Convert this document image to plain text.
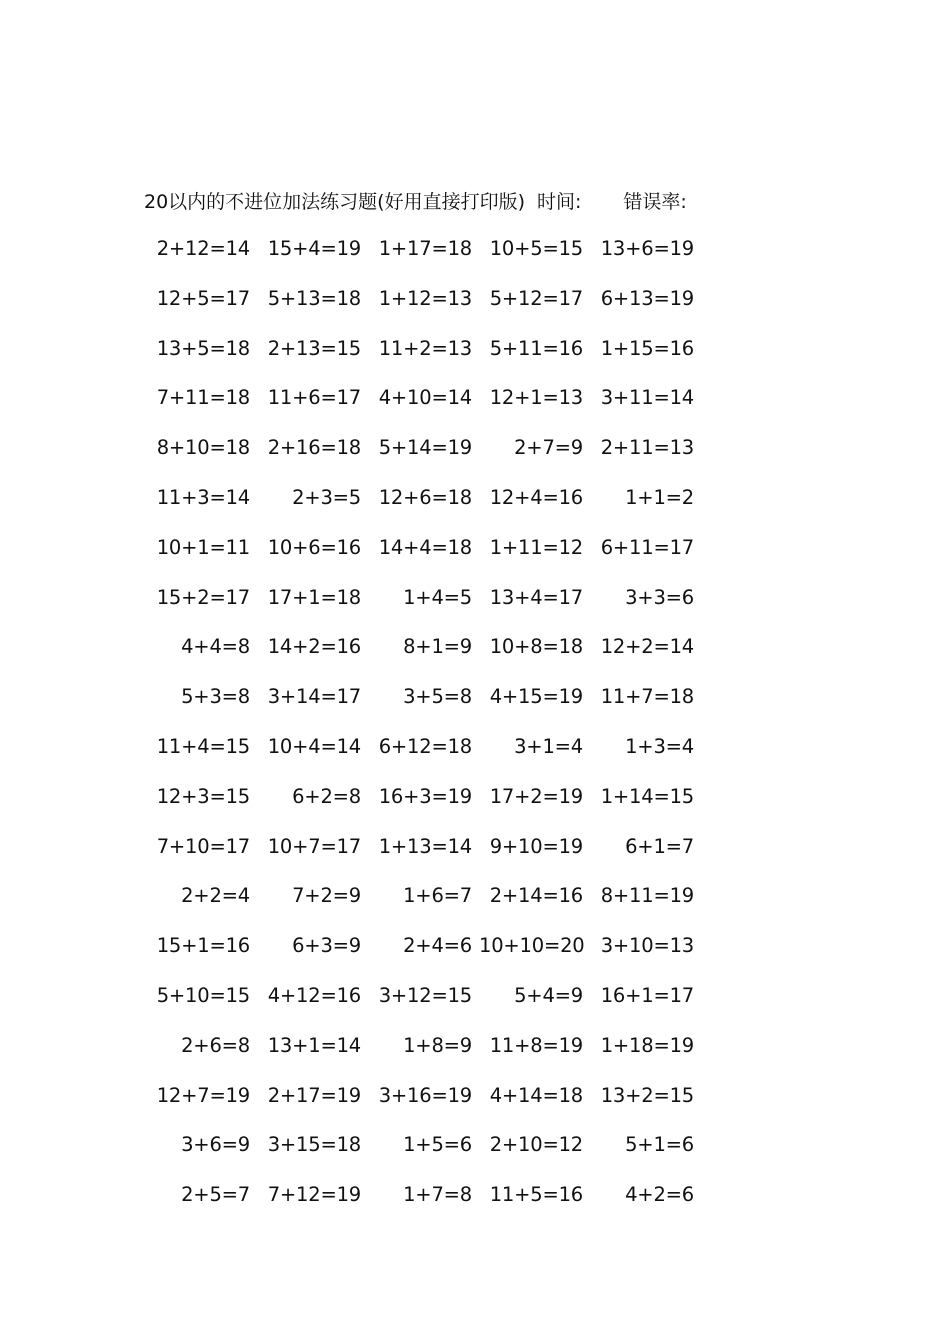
20以内的不进位加法练习题(好用直接打印版) 时间: 错误率:
2+12=14 15+4=19 1+17=18 10+5=15 13+6=19
12+5=17 5+13=18 1+12=13 5+12=17 6+13=19
13+5=18 2+13=15 11+2=13 5+11=16 1+15=16
7+11=18 11+6=17 4+10=14 12+1=13 3+11=14
8+10=18 2+16=18 5+14=19	2+7=9 2+11=13
11+3=14	2+3=5 12+6=18 12+4=16	1+1=2
10+1=11 10+6=16 14+4=18 1+11=12 6+11=17
15+2=17 17+1=18	1+4=5 13+4=17	3+3=6
4+4=8 14+2=16	8+1=9 10+8=18 12+2=14
5+3=8 3+14=17	3+5=8 4+15=19 11+7=18
11+4=15 10+4=14 6+12=18	3+1=4	1+3=4
12+3=15	6+2=8 16+3=19 17+2=19 1+14=15
7+10=17 10+7=17 1+13=14 9+10=19	6+1=7
2+2=4	7+2=9	1+6=7 2+14=16 8+11=19
15+1=16	6+3=9	2+4=6 10+10=20 3+10=13
5+10=15 4+12=16 3+12=15	5+4=9 16+1=17
2+6=8 13+1=14	1+8=9 11+8=19 1+18=19
12+7=19 2+17=19 3+16=19 4+14=18 13+2=15
3+6=9 3+15=18	1+5=6 2+10=12	5+1=6
2+5=7 7+12=19	1+7=8 11+5=16	4+2=6
